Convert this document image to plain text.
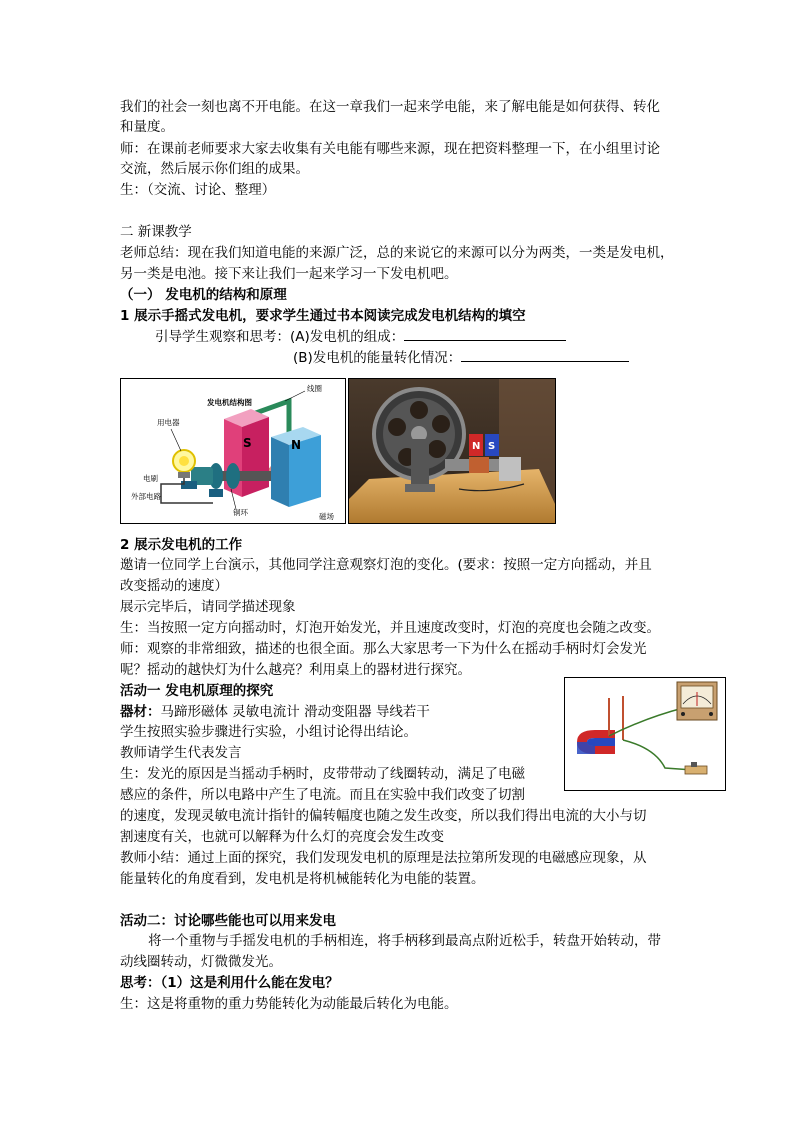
我们的社会一刻也离不开电能。在这一章我们一起来学电能，来了解电能是如何获得、转化
和量度。
师：在课前老师要求大家去收集有关电能有哪些来源，现在把资料整理一下，在小组里讨论
交流，然后展示你们组的成果。
生：（交流、讨论、整理）
二 新课教学
老师总结：现在我们知道电能的来源广泛，总的来说它的来源可以分为两类，一类是发电机，
另一类是电池。接下来让我们一起来学习一下发电机吧。
（一） 发电机的结构和原理
1 展示手摇式发电机，要求学生通过书本阅读完成发电机结构的填空
引导学生观察和思考：(A)发电机的组成：
(B)发电机的能量转化情况：
S	N
发电机结构图
线圈
用电器
电刷
外部电路
铜环	磁场
N S
2 展示发电机的工作
邀请一位同学上台演示，其他同学注意观察灯泡的变化。(要求：按照一定方向摇动，并且
改变摇动的速度）
展示完毕后，请同学描述现象
生：当按照一定方向摇动时，灯泡开始发光，并且速度改变时，灯泡的亮度也会随之改变。
师：观察的非常细致，描述的也很全面。那么大家思考一下为什么在摇动手柄时灯会发光
呢？摇动的越快灯为什么越亮？利用桌上的器材进行探究。
活动一 发电机原理的探究
器材：马蹄形磁体 灵敏电流计 滑动变阻器 导线若干
学生按照实验步骤进行实验，小组讨论得出结论。
教师请学生代表发言
生：发光的原因是当摇动手柄时，皮带带动了线圈转动，满足了电磁
感应的条件，所以电路中产生了电流。而且在实验中我们改变了切割
的速度，发现灵敏电流计指针的偏转幅度也随之发生改变，所以我们得出电流的大小与切
割速度有关，也就可以解释为什么灯的亮度会发生改变
教师小结：通过上面的探究，我们发现发电机的原理是法拉第所发现的电磁感应现象，从
能量转化的角度看到，发电机是将机械能转化为电能的装置。
活动二：讨论哪些能也可以用来发电
将一个重物与手摇发电机的手柄相连，将手柄移到最高点附近松手，转盘开始转动，带
动线圈转动，灯微微发光。
思考：（1）这是利用什么能在发电？
生：这是将重物的重力势能转化为动能最后转化为电能。
